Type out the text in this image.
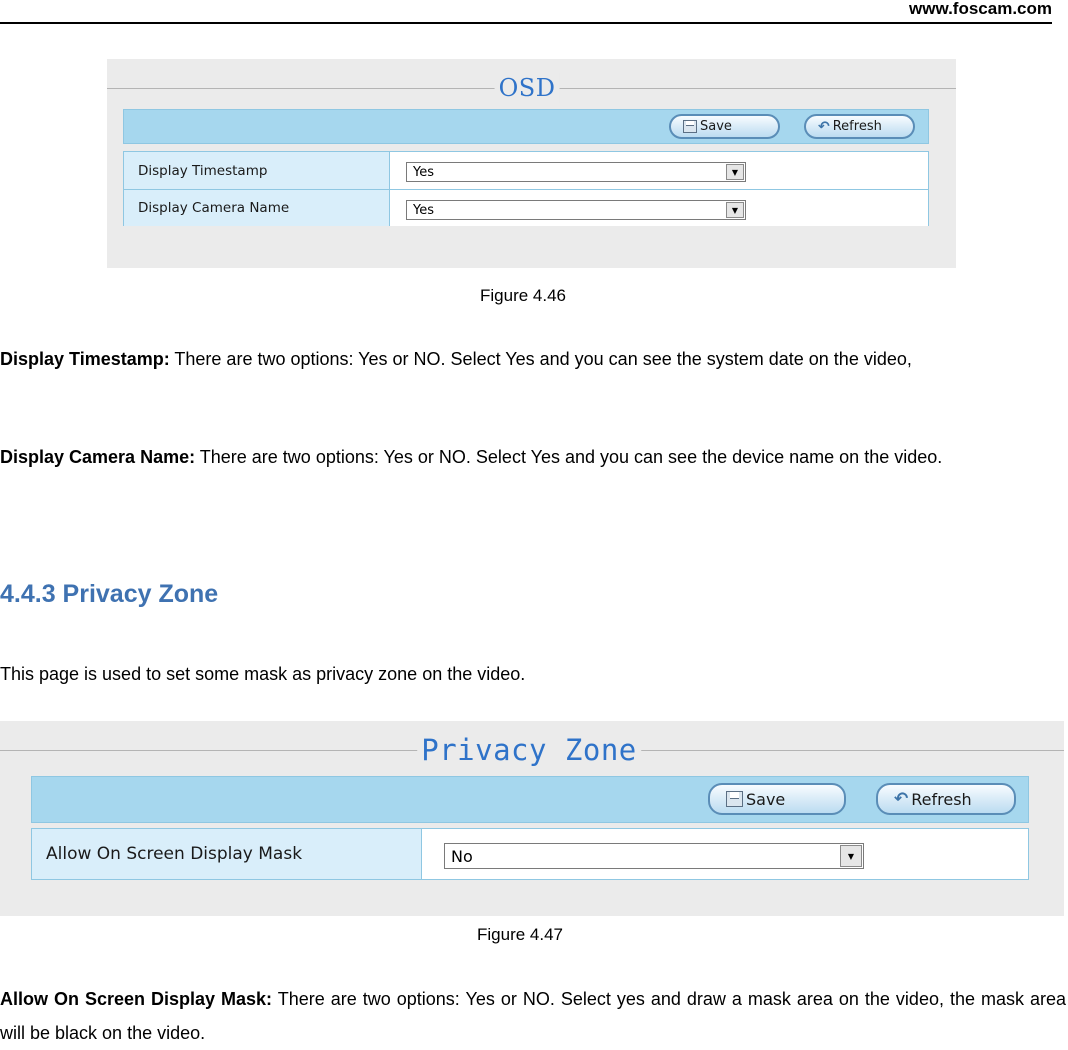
www.foscam.com
OSD
Save	↶ Refresh
Display Timestamp	Yes	▼
Display Camera Name	Yes	▼
Figure 4.46
Display Timestamp: There are two options: Yes or NO. Select Yes and you can see the system date on the video,
Display Camera Name: There are two options: Yes or NO. Select Yes and you can see the device name on the video.
4.4.3 Privacy Zone
This page is used to set some mask as privacy zone on the video.
Privacy Zone
Save	↶ Refresh
Allow On Screen Display Mask	No	▼
Figure 4.47
Allow On Screen Display Mask: There are two options: Yes or NO. Select yes and draw a mask area on the video, the mask area will be black on the video.
